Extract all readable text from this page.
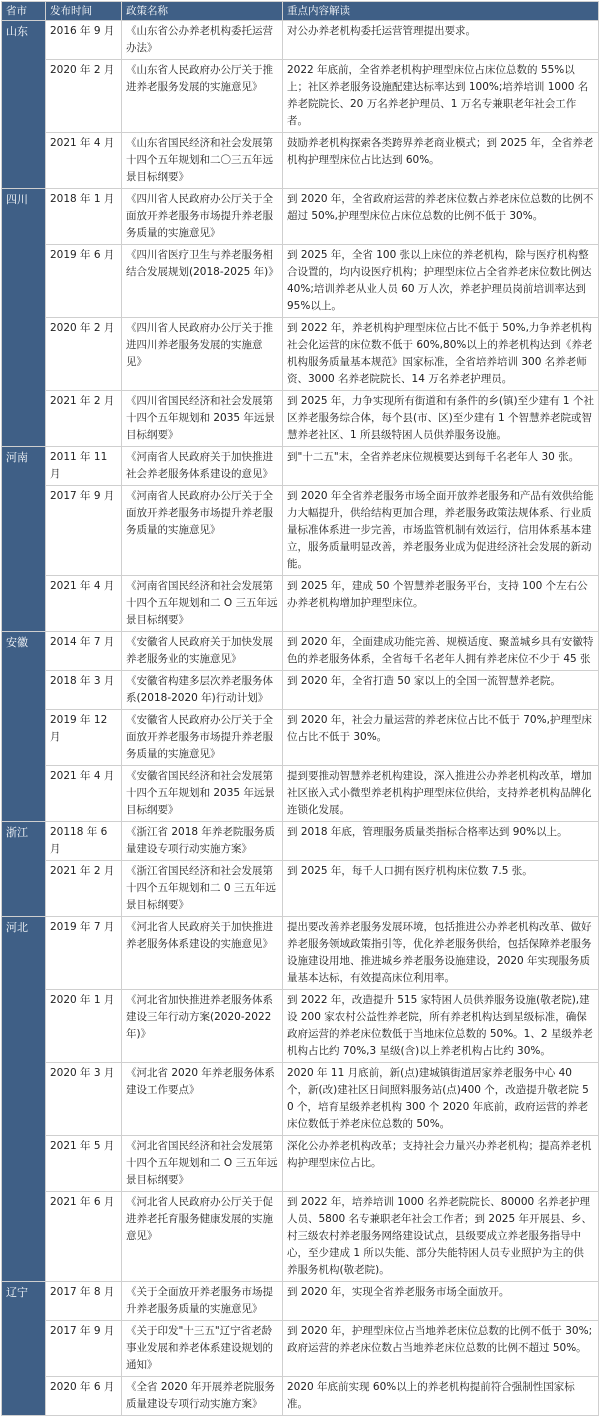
省市	发布时间	政策名称	重点内容解读
山东	2016 年 9 月	《山东省公办养老机构委托运营办法》	对公办养老机构委托运营管理提出要求。
	2020 年 2 月	《山东省人民政府办公厅关于推进养老服务发展的实施意见》	2022 年底前，全省养老机构护理型床位占床位总数的 55%以上；社区养老服务设施配建达标率达到 100%;培养培训 1000 名养老院院长、20 万名养老护理员、1 万名专兼职老年社会工作者。
	2021 年 4 月	《山东省国民经济和社会发展第十四个五年规划和二〇三五年远景目标纲要》	鼓励养老机构探索各类跨界养老商业模式；到 2025 年，全省养老机构护理型床位占比达到 60%。
四川	2018 年 1 月	《四川省人民政府办公厅关于全面放开养老服务市场提升养老服务质量的实施意见》	到 2020 年，全省政府运营的养老床位数占养老床位总数的比例不超过 50%,护理型床位占床位总数的比例不低于 30%。
	2019 年 6 月	《四川省医疗卫生与养老服务相结合发展规划(2018-2025 年)》	到 2025 年，全省 100 张以上床位的养老机构，除与医疗机构整合设置的，均内设医疗机构；护理型床位占全省养老床位数比例达 40%;培训养老从业人员 60 万人次，养老护理员岗前培训率达到 95%以上。
	2020 年 2 月	《四川省人民政府办公厅关于推进四川养老服务发展的实施意见》	到 2022 年，养老机构护理型床位占比不低于 50%,力争养老机构社会化运营的床位数不低于 60%,80%以上的养老机构达到《养老机构服务质量基本规范》国家标准，全省培养培训 300 名养老师资、3000 名养老院院长、14 万名养老护理员。
	2021 年 2 月	《四川省国民经济和社会发展第十四个五年规划和 2035 年远景目标纲要》	到 2025 年，力争实现所有街道和有条件的乡(镇)至少建有 1 个社区养老服务综合体，每个县(市、区)至少建有 1 个智慧养老院或智慧养老社区、1 所县级特困人员供养服务设施。
河南	2011 年 11 月	《河南省人民政府关于加快推进社会养老服务体系建设的意见》	到"十二五"末，全省养老床位规模要达到每千名老年人 30 张。
	2017 年 9 月	《河南省人民政府办公厅关于全面放开养老服务市场提升养老服务质量的实施意见》	到 2020 年全省养老服务市场全面开放养老服务和产品有效供给能力大幅提升，供给结构更加合理，养老服务政策法规体系、行业质量标准体系进一步完善，市场监管机制有效运行，信用体系基本建立，服务质量明显改善，养老服务业成为促进经济社会发展的新动能。
	2021 年 4 月	《河南省国民经济和社会发展第十四个五年规划和二 O 三五年远景目标纲要》	到 2025 年，建成 50 个智慧养老服务平台，支持 100 个左右公办养老机构增加护理型床位。
安徽	2014 年 7 月	《安徽省人民政府关于加快发展养老服务业的实施意见》	到 2020 年，全面建成功能完善、规模适度、聚盖城乡具有安徽特色的养老服务体系，全省每千名老年人拥有养老床位不少于 45 张
	2018 年 3 月	《安徽省构建多层次养老服务体系(2018-2020 年)行动计划》	到 2020 年，全省打造 50 家以上的全国一流智慧养老院。
	2019 年 12 月	《安徽省人民政府办公厅关于全面放开养老服务市场提升养老服务质量的实施意见》	到 2020 年，社会力量运营的养老床位占比不低于 70%,护理型床位占比不低于 30%。
	2021 年 4 月	《安徽省国民经济和社会发展第十四个五年规划和 2035 年远景目标纲要》	提到要推动智慧养老机构建设，深入推进公办养老机构改革，增加社区嵌入式小微型养老机构护理型床位供给，支持养老机构品牌化连锁化发展。
浙江	20118 年 6 月	《浙江省 2018 年养老院服务质量建设专项行动实施方案》	到 2018 年底，管理服务质量类指标合格率达到 90%以上。
	2021 年 2 月	《浙江省国民经济和社会发展第十四个五年规划和二 0 三五年远景目标纲要》	到 2025 年，每千人口拥有医疗机构床位数 7.5 张。
河北	2019 年 7 月	《河北省人民政府关于加快推进养老服务体系建设的实施意见》	提出要改善养老服务发展环境，包括推进公办养老机构改革、做好养老服务领域政策指引等，优化养老服务供给，包括保障养老服务设施建设用地、推进城乡养老服务设施建设，2020 年实现服务质量基本达标，有效提高床位利用率。
	2020 年 1 月	《河北省加快推进养老服务体系建设三年行动方案(2020-2022 年)》	到 2022 年，改造提升 515 家特困人员供养服务设施(敬老院),建设 200 家农村公益性养老院，所有养老机构达到星级标准，确保政府运营的养老床位数低于当地床位总数的 50%。1、2 星级养老机构占比约 70%,3 星级(含)以上养老机构占比约 30%。
	2020 年 3 月	《河北省 2020 年养老服务体系建设工作要点》	2020 年 11 月底前，新(点)建城镇街道居家养老服务中心 40 个，新(改)建社区日间照料服务站(点)400 个，改造提升敬老院 50 个，培育星级养老机构 300 个 2020 年底前，政府运营的养老床位数低于养老床位总数的 50%。
	2021 年 5 月	《河北省国民经济和社会发展第十四个五年规划和二 O 三五年远景目标纲要》	深化公办养老机构改革；支持社会力量兴办养老机构；提高养老机构护理型床位占比。
	2021 年 6 月	《河北省人民政府办公厅关于促进养老托育服务健康发展的实施意见》	到 2022 年，培养培训 1000 名养老院院长、80000 名养老护理人员、5800 名专兼职老年社会工作者；到 2025 年开展县、乡、村三级农村养老服务网络建设试点，县级要成立养老服务指导中心，至少建成 1 所以失能、部分失能特困人员专业照护为主的供养服务机构(敬老院)。
辽宁	2017 年 8 月	《关于全面放开养老服务市场提升养老服务质量的实施意见》	到 2020 年，实现全省养老服务市场全面放开。
	2017 年 9 月	《关于印发"十三五"辽宁省老龄事业发展和养老体系建设规划的通知》	到 2020 年，护理型床位占当地养老床位总数的比例不低于 30%;政府运营的养老床位数占当地养老床位总数的比例不超过 50%。
	2020 年 6 月	《全省 2020 年开展养老院服务质量建设专项行动实施方案》	2020 年底前实现 60%以上的养老机构提前符合强制性国家标准。
